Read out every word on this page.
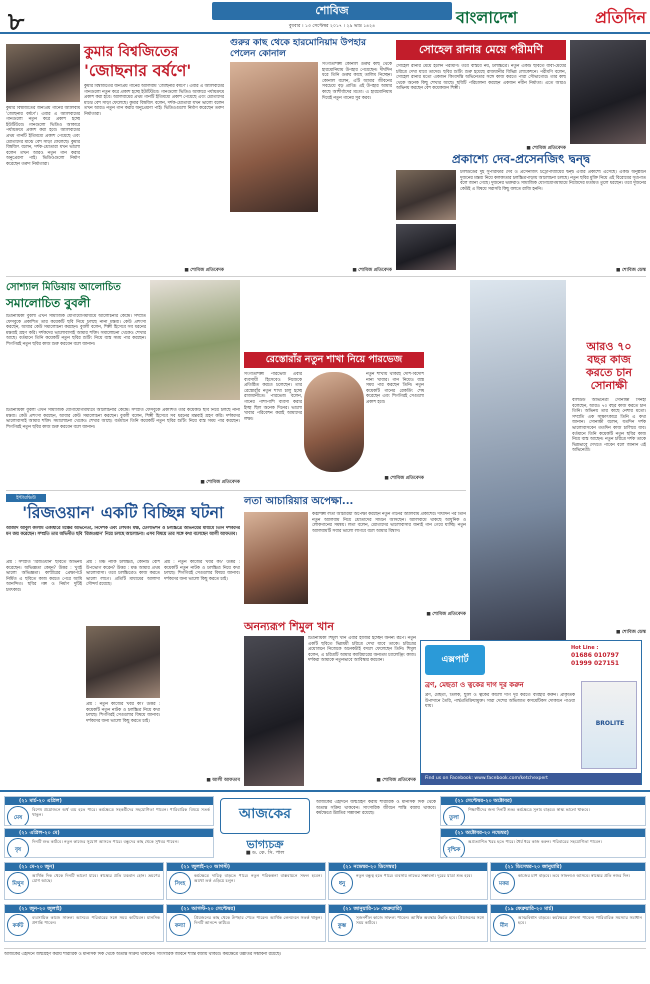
৮	শোবিজ
বুধবার । ১৩ সেপ্টেম্বর ২০১৭ । ২৯ ভাদ্র ১৪২৪	বাংলাদেশ	প্রতিদিন
কুমার বিশ্বজিতের
'জোছনার বর্ষণে'
কুমার বিশ্বজিতের জনপ্রিয় গানের অ্যালবাম 'জোছনার বর্ষণে'। এবার এ অ্যালবামের গানগুলো নতুন করে প্রকাশ হচ্ছে ইউটিউবে। গানগুলো ভিডিও আকারে পর্যায়ক্রমে প্রকাশ করা হবে। অ্যালবামের প্রথম গানটি ইতিমধ্যে প্রকাশ পেয়েছে এবং শ্রোতাদের মাঝে বেশ সাড়া ফেলেছে। কুমার বিশ্বজিৎ বলেন, দর্শক-শ্রোতারা যখন ভালো বলেন তখন আরও নতুন গান করার অনুপ্রেরণা পাই। ভিডিওগুলো নির্মাণ করেছেন তরুণ নির্মাতারা।
■ শোবিজ প্রতিবেদক
কুমার বিশ্বজিতের জনপ্রিয় গানের অ্যালবাম 'জোছনার বর্ষণে'। এবার এ অ্যালবামের গানগুলো নতুন করে প্রকাশ হচ্ছে ইউটিউবে। গানগুলো ভিডিও আকারে পর্যায়ক্রমে প্রকাশ করা হবে। অ্যালবামের প্রথম গানটি ইতিমধ্যে প্রকাশ পেয়েছে এবং শ্রোতাদের মাঝে বেশ সাড়া ফেলেছে। কুমার বিশ্বজিৎ বলেন, দর্শক-শ্রোতারা যখন ভালো বলেন তখন আরও নতুন গান করার অনুপ্রেরণা পাই। ভিডিওগুলো নির্মাণ করেছেন তরুণ নির্মাতারা।
গুরুর কাছ থেকে হারমোনিয়াম উপহার পেলেন কোনাল
সংগীতশিল্পী কোনাল গুরুর কাছ থেকে হারমোনিয়াম উপহার পেয়েছেন। দীর্ঘদিন ধরে তিনি গুরুর কাছে তালিম নিচ্ছেন। কোনাল বলেন, এটি আমার জীবনের সবচেয়ে বড় প্রাপ্তি। এই উপহার আমার কাছে আশীর্বাদের মতো। এ হারমোনিয়াম দিয়েই নতুন গানের সুর করব।
■ শোবিজ প্রতিবেদক
সোহেল রানার মেয়ে পরীমণি
সোহেল রানার মেয়ে হলেন পরীমণি। তবে বাস্তবে নয়, চলচ্চিত্রে। নতুন একটি ছবিতে বাবা-মেয়ের চরিত্রে দেখা যাবে তাদের। ছবির শুটিং শুরু হয়েছে রাজধানীর বিভিন্ন লোকেশনে। পরীমণি বলেন, সোহেল রানার মতো একজন কিংবদন্তি অভিনেতার সঙ্গে কাজ করতে পারা সৌভাগ্যের। তার কাছ থেকে অনেক কিছু শেখার আছে। ছবিটি পরিচালনা করছেন একজন নবীন নির্মাতা। এতে আরও অভিনয় করছেন বেশ কয়েকজন শিল্পী।
■ শোবিজ প্রতিবেদক
প্রকাশ্যে দেব-প্রসেনজিৎ দ্বন্দ্ব
টলিউডের দুই সুপারস্টার দেব ও প্রসেনজিৎ চট্টোপাধ্যায়ের দ্বন্দ্ব এবার প্রকাশ্যে এসেছে। একটি অনুষ্ঠানে দুজনের মন্তব্য নিয়ে কলকাতার চলচ্চিত্রপাড়ায় আলোচনা চলছে। নতুন ছবির মুক্তি নিয়ে এই বিরোধের সূত্রপাত বলে জানা গেছে। দুজনের ভক্তরাও সামাজিক যোগাযোগমাধ্যমে নিজেদের মতামত তুলে ধরছেন। তবে দুজনের কেউই এ বিষয়ে সরাসরি কিছু বলতে রাজি হননি।
■ শোবিজ ডেস্ক
সোশ্যাল মিডিয়ায় আলোচিত
সমালোচিত বুবলী
চিত্রনায়িকা বুবলী এখন সামাজিক যোগাযোগমাধ্যমে আলোচনার কেন্দ্রে। সম্প্রতি ফেসবুকে প্রকাশিত তার কয়েকটি ছবি নিয়ে চলছে নানা মন্তব্য। কেউ প্রশংসা করছেন, আবার কেউ সমালোচনা করছেন। বুবলী বলেন, শিল্পী হিসেবে সব ধরনের মন্তব্যই গ্রহণ করি। দর্শকদের ভালোবাসাই আমার শক্তি। সমালোচনা থেকেও শেখার আছে। বর্তমানে তিনি কয়েকটি নতুন ছবির শুটিং নিয়ে ব্যস্ত সময় পার করছেন। শিগগিরই নতুন ছবির কাজ শুরু করবেন বলে জানান।
চিত্রনায়িকা বুবলী এখন সামাজিক যোগাযোগমাধ্যমে আলোচনার কেন্দ্রে। সম্প্রতি ফেসবুকে প্রকাশিত তার কয়েকটি ছবি নিয়ে চলছে নানা মন্তব্য। কেউ প্রশংসা করছেন, আবার কেউ সমালোচনা করছেন। বুবলী বলেন, শিল্পী হিসেবে সব ধরনের মন্তব্যই গ্রহণ করি। দর্শকদের ভালোবাসাই আমার শক্তি। সমালোচনা থেকেও শেখার আছে। বর্তমানে তিনি কয়েকটি নতুন ছবির শুটিং নিয়ে ব্যস্ত সময় পার করছেন। শিগগিরই নতুন ছবির কাজ শুরু করবেন বলে জানান।
■ শোবিজ প্রতিবেদক
রেস্তোরাঁর নতুন শাখা নিয়ে পারভেজ
সংগীতশিল্পী পারভেজ এবার ব্যবসায়ী হিসেবেও নিজেকে প্রতিষ্ঠিত করতে চলেছেন। তার রেস্তোরাঁর নতুন শাখা চালু হচ্ছে রাজধানীতে। পারভেজ বলেন, গানের পাশাপাশি ব্যবসা করার ইচ্ছা ছিল অনেক দিনের। ভালো খাবার পরিবেশন করাই আমাদের লক্ষ্য।
নতুন শাখায় থাকছে দেশি-বিদেশি নানা খাবার। গান নিয়েও ব্যস্ত সময় পার করছেন তিনি। নতুন কয়েকটি গানের রেকর্ডিং শেষ করেছেন এবং শিগগিরই সেগুলো প্রকাশ হবে।
■ শোবিজ প্রতিবেদক
আরও ৭০
বছর কাজ
করতে চান
সোনাক্ষী
বলিউড অভিনেত্রী সোনাক্ষী সিনহা বলেছেন, আরও ৭০ বছর কাজ করতে চান তিনি। অভিনয় তার কাছে নেশার মতো। সম্প্রতি এক সাক্ষাৎকারে তিনি এ কথা জানান। সোনাক্ষী বলেন, যতদিন দর্শক ভালোবাসবেন ততদিন কাজ চালিয়ে যাব। বর্তমানে তিনি কয়েকটি নতুন ছবির কাজ নিয়ে ব্যস্ত আছেন। নতুন চরিত্রে দর্শক তাকে ভিন্নভাবে দেখতে পাবেন বলে জানান এই অভিনেত্রী।
■ শোবিজ ডেস্ক
ইন্টারভিউ
'রিজওয়ান' একটি বিচ্ছিন্ন ঘটনা
আজাদ আবুল কালাম একাধারে মঞ্চের অভিনেতা, নির্দেশক এবং লেখক। মঞ্চ, টেলিভিশন ও চলচ্চিত্রে অভিনয়ের মাধ্যমে তিনি দর্শকদের মন জয় করেছেন। সম্প্রতি তার অভিনীত ছবি 'রিজওয়ান' নিয়ে চলছে আলোচনা। এসব বিষয়ে তার সঙ্গে কথা বলেছেন আলী আফতাব।
প্রশ্ন : সম্প্রতি 'রিজওয়ান' ছবিতে অভিনয় করেছেন। অভিজ্ঞতা কেমন? উত্তর : খুবই ভালো অভিজ্ঞতা। কাশ্মীরের প্রেক্ষাপটে নির্মিত এ ছবিতে কাজ করতে পেরে আমি আনন্দিত। ছবির গল্প ও নির্মাণ দুটিই চমৎকার।
প্রশ্ন : মঞ্চ নাকি চলচ্চিত্র, কোনটি বেশি উপভোগ করেন? উত্তর : মঞ্চ আমার প্রথম ভালোবাসা। তবে চলচ্চিত্রেও কাজ করতে ভালো লাগে। প্রতিটি মাধ্যমের আলাদা সৌন্দর্য রয়েছে।
প্রশ্ন : নতুন কাজের খবর কী? উত্তর : কয়েকটি নতুন নাটক ও চলচ্চিত্র নিয়ে কথা চলছে। শিগগিরই সেগুলোর বিষয়ে জানাব। দর্শকদের জন্য ভালো কিছু করতে চাই।
প্রশ্ন : নতুন কাজের খবর কী? উত্তর : কয়েকটি নতুন নাটক ও চলচ্চিত্র নিয়ে কথা চলছে। শিগগিরই সেগুলোর বিষয়ে জানাব। দর্শকদের জন্য ভালো কিছু করতে চাই।
■ আলী আফতাব
লতা আচারিয়ার অপেক্ষা...
কণ্ঠশিল্পী লতা আচারিয়া অপেক্ষা করছেন নতুন গানের অ্যালবাম প্রকাশের। দীর্ঘদিন পর তিনি নতুন অ্যালবাম নিয়ে শ্রোতাদের সামনে আসছেন। অ্যালবামে থাকছে আধুনিক ও লোকগানের সমন্বয়। লতা বলেন, শ্রোতাদের ভালোবাসার জন্যই গান গেয়ে যাচ্ছি। নতুন অ্যালবামটি সবার ভালো লাগবে বলে আমার বিশ্বাস।
■ শোবিজ প্রতিবেদক
অনন্যরূপ শিমুল খান
চিত্রনায়িকা শিমুল খান এবার হাজির হচ্ছেন অনন্য রূপে। নতুন একটি ছবিতে ভিন্নধর্মী চরিত্রে দেখা যাবে তাকে। চরিত্রের প্রয়োজনে নিজেকে অনেকটাই বদলে ফেলেছেন তিনি। শিমুল বলেন, এ চরিত্রটি আমার ক্যারিয়ারের অন্যতম চ্যালেঞ্জিং কাজ। দর্শকরা আমাকে নতুনভাবে আবিষ্কার করবেন।
■ শোবিজ প্রতিবেদক
এক্সপার্ট
Hot Line :
01686 010797
01999 027151
ব্রণ, মেছতা ও ত্বকের দাগ দূর করুন
ব্রণ, মেছতা, তিলক, ছুলি ও ত্বকের কালো দাগ দূর করতে ব্যবহার করুন। প্রাকৃতিক উপাদানে তৈরি, পার্শ্বপ্রতিক্রিয়ামুক্ত। সারা দেশের অভিজাত কসমেটিকস দোকানে পাওয়া যায়।
BROLITE
Find us on Facebook: www.facebook.com/ketchexpert
আজকের
ভাগ্যচক্র
■ ড. কে. সি. পাল
আজকের এইদিনে জন্মগ্রহণ করায় শারীরিক ও মানসিক দিক থেকে অত্যন্ত সক্রিয় থাকবেন। সাংসারিক জীবনে শান্তি বজায় থাকবে। কর্মক্ষেত্রে উন্নতির সম্ভাবনা রয়েছে।
(২১ মার্চ-২০ এপ্রিল)
মেষ
বিশেষ প্রয়োজনে অর্থ ব্যয় হতে পারে। কর্মক্ষেত্রে সহকর্মীদের সহযোগিতা পাবেন। পারিবারিক বিষয়ে সতর্ক থাকুন।
(২১ এপ্রিল-২০ মে)
বৃষ
দিনটি শুভ কাটবে। নতুন কাজের সুযোগ আসতে পারে। বন্ধুদের কাছ থেকে সুখবর পাবেন।
(২১ সেপ্টেম্বর-২০ অক্টোবর)
তুলা
শিক্ষার্থীদের জন্য দিনটি শুভ। কর্মক্ষেত্রে সুনাম বাড়বে। স্বাস্থ্য ভালো থাকবে।
(২১ অক্টোবর-২০ নভেম্বর)
বৃশ্চিক
অপ্রত্যাশিত খরচ হতে পারে। ধৈর্য ধরে কাজ করুন। পরিবারের সহযোগিতা পাবেন।
(২১ মে-২০ জুন)
মিথুন
আর্থিক দিক থেকে দিনটি ভালো যাবে। স্বাস্থ্যের প্রতি যত্নবান হোন। ভ্রমণের যোগ আছে।
(২১ জুলাই-২০ আগস্ট)
সিংহ
কর্মক্ষেত্রে দায়িত্ব বাড়তে পারে। নতুন পরিকল্পনা বাস্তবায়নে সফল হবেন। অযথা তর্ক এড়িয়ে চলুন।
(২১ নভেম্বর-২০ ডিসেম্বর)
ধনু
নতুন বন্ধুত্ব হতে পারে। ব্যবসায় লাভের সম্ভাবনা। দূরের যাত্রা শুভ হবে।
(২১ ডিসেম্বর-২০ জানুয়ারি)
মকর
কাজের চাপ বাড়বে। তবে সাফল্যও আসবে। স্বাস্থ্যের প্রতি নজর দিন।
(২১ জুন-২০ জুলাই)
কর্কট
ব্যবসায়িক কাজে সাফল্য আসবে। পরিবারের সঙ্গে সময় কাটাবেন। মানসিক প্রশান্তি পাবেন।
(২১ আগস্ট-২০ সেপ্টেম্বর)
কন্যা
প্রিয়জনের কাছ থেকে উপহার পেতে পারেন। আর্থিক লেনদেনে সতর্ক থাকুন। দিনটি আনন্দে কাটবে।
(২১ জানুয়ারি-১৮ ফেব্রুয়ারি)
কুম্ভ
সৃজনশীল কাজে সাফল্য পাবেন। আর্থিক অবস্থার উন্নতি হবে। প্রিয়জনের সঙ্গে সময় কাটবে।
(১৯ ফেব্রুয়ারি-২০ মার্চ)
মীন
আত্মবিশ্বাস বাড়বে। কর্মক্ষেত্রে প্রশংসা পাবেন। পারিবারিক সমস্যার সমাধান হবে।
আজকের এইদিনে জন্মগ্রহণ করায় শারীরিক ও মানসিক দিক থেকে অত্যন্ত সক্রিয় থাকবেন। সাংসারিক জীবনে শান্তি বজায় থাকবে। কর্মক্ষেত্রে উন্নতির সম্ভাবনা রয়েছে।
